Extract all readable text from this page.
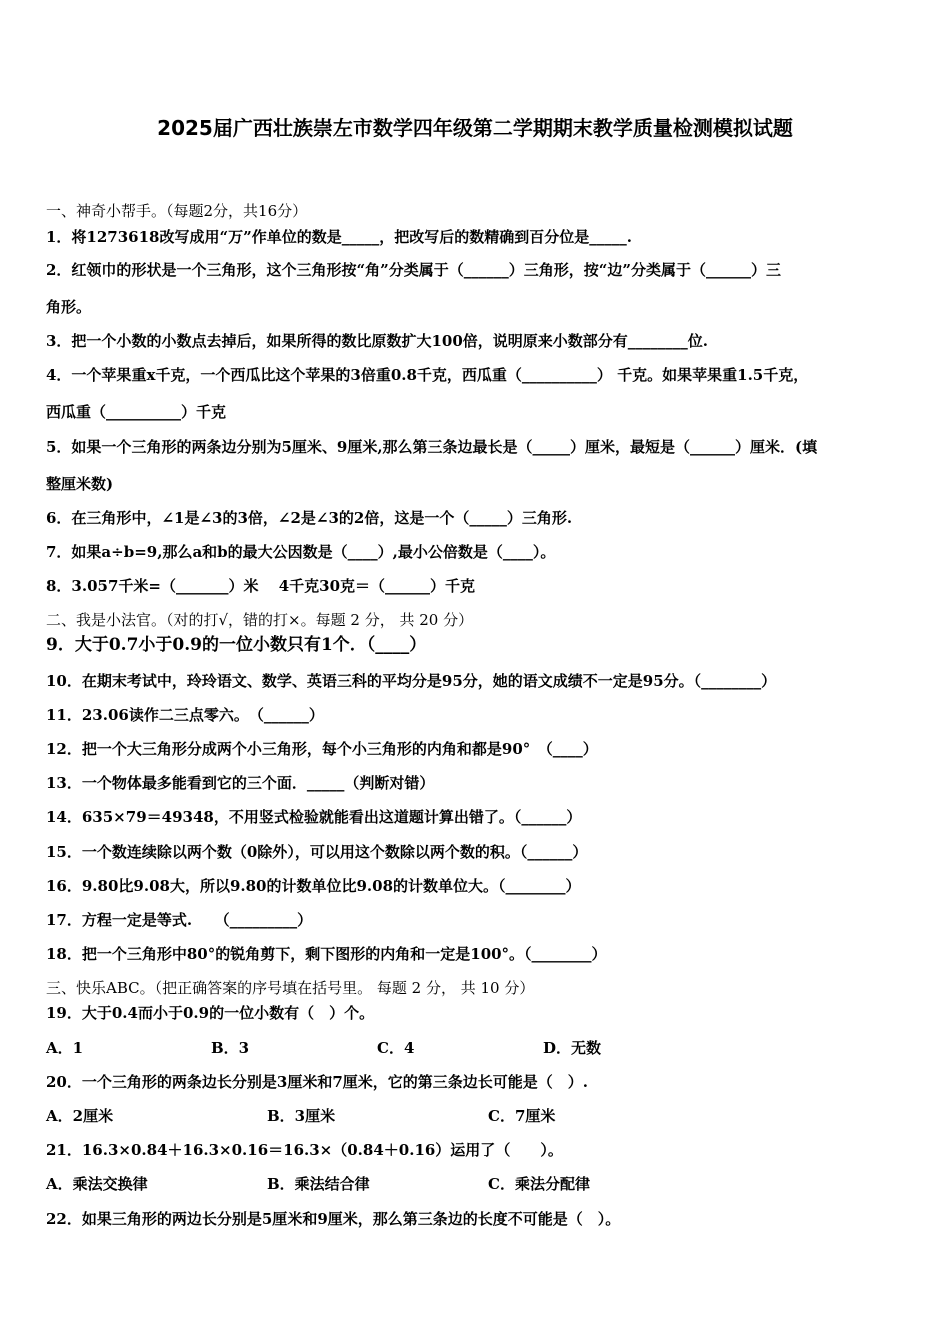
2025届广西壮族崇左市数学四年级第二学期期末教学质量检测模拟试题
一、神奇小帮手。（每题2分，共16分）
1．将1273618改写成用“万”作单位的数是_____，把改写后的数精确到百分位是_____.
2．红领巾的形状是一个三角形，这个三角形按“角”分类属于（______）三角形，按“边”分类属于（______）三
角形。
3．把一个小数的小数点去掉后，如果所得的数比原数扩大100倍，说明原来小数部分有________位.
4．一个苹果重x千克，一个西瓜比这个苹果的3倍重0.8千克，西瓜重（__________） 千克。如果苹果重1.5千克，
西瓜重（__________）千克
5．如果一个三角形的两条边分别为5厘米、9厘米,那么第三条边最长是（_____）厘米，最短是（______）厘米．(填
整厘米数)
6．在三角形中，∠1是∠3的3倍，∠2是∠3的2倍，这是一个（_____）三角形.
7．如果a÷b=9,那么a和b的最大公因数是（____）,最小公倍数是（____）。
8．3.057千米=（_______）米　 4千克30克＝（______）千克
二、我是小法官。（对的打√，错的打×。每题 2 分， 共 20 分）
9．大于0.7小于0.9的一位小数只有1个．（____）
10．在期末考试中，玲玲语文、数学、英语三科的平均分是95分，她的语文成绩不一定是95分。（________）
11．23.06读作二三点零六。　（______）
12．把一个大三角形分成两个小三角形，每个小三角形的内角和都是90°　（____）
13．一个物体最多能看到它的三个面．_____（判断对错）
14．635×79＝49348，不用竖式检验就能看出这道题计算出错了。（______）
15．一个数连续除以两个数（0除外），可以用这个数除以两个数的积。（______）
16．9.80比9.08大，所以9.80的计数单位比9.08的计数单位大。（________）
17．方程一定是等式.　　（_________）
18．把一个三角形中80°的锐角剪下，剩下图形的内角和一定是100°。（________）
三、快乐ABC。（把正确答案的序号填在括号里。 每题 2 分， 共 10 分）
19．大于0.4而小于0.9的一位小数有（　）个。
A．1	B．3	C．4	D．无数
20．一个三角形的两条边长分别是3厘米和7厘米，它的第三条边长可能是（　）.
A．2厘米	B．3厘米	C．7厘米
21．16.3×0.84＋16.3×0.16＝16.3×（0.84＋0.16）运用了（　　）。
A．乘法交换律	B．乘法结合律	C．乘法分配律
22．如果三角形的两边长分别是5厘米和9厘米，那么第三条边的长度不可能是（　）。
